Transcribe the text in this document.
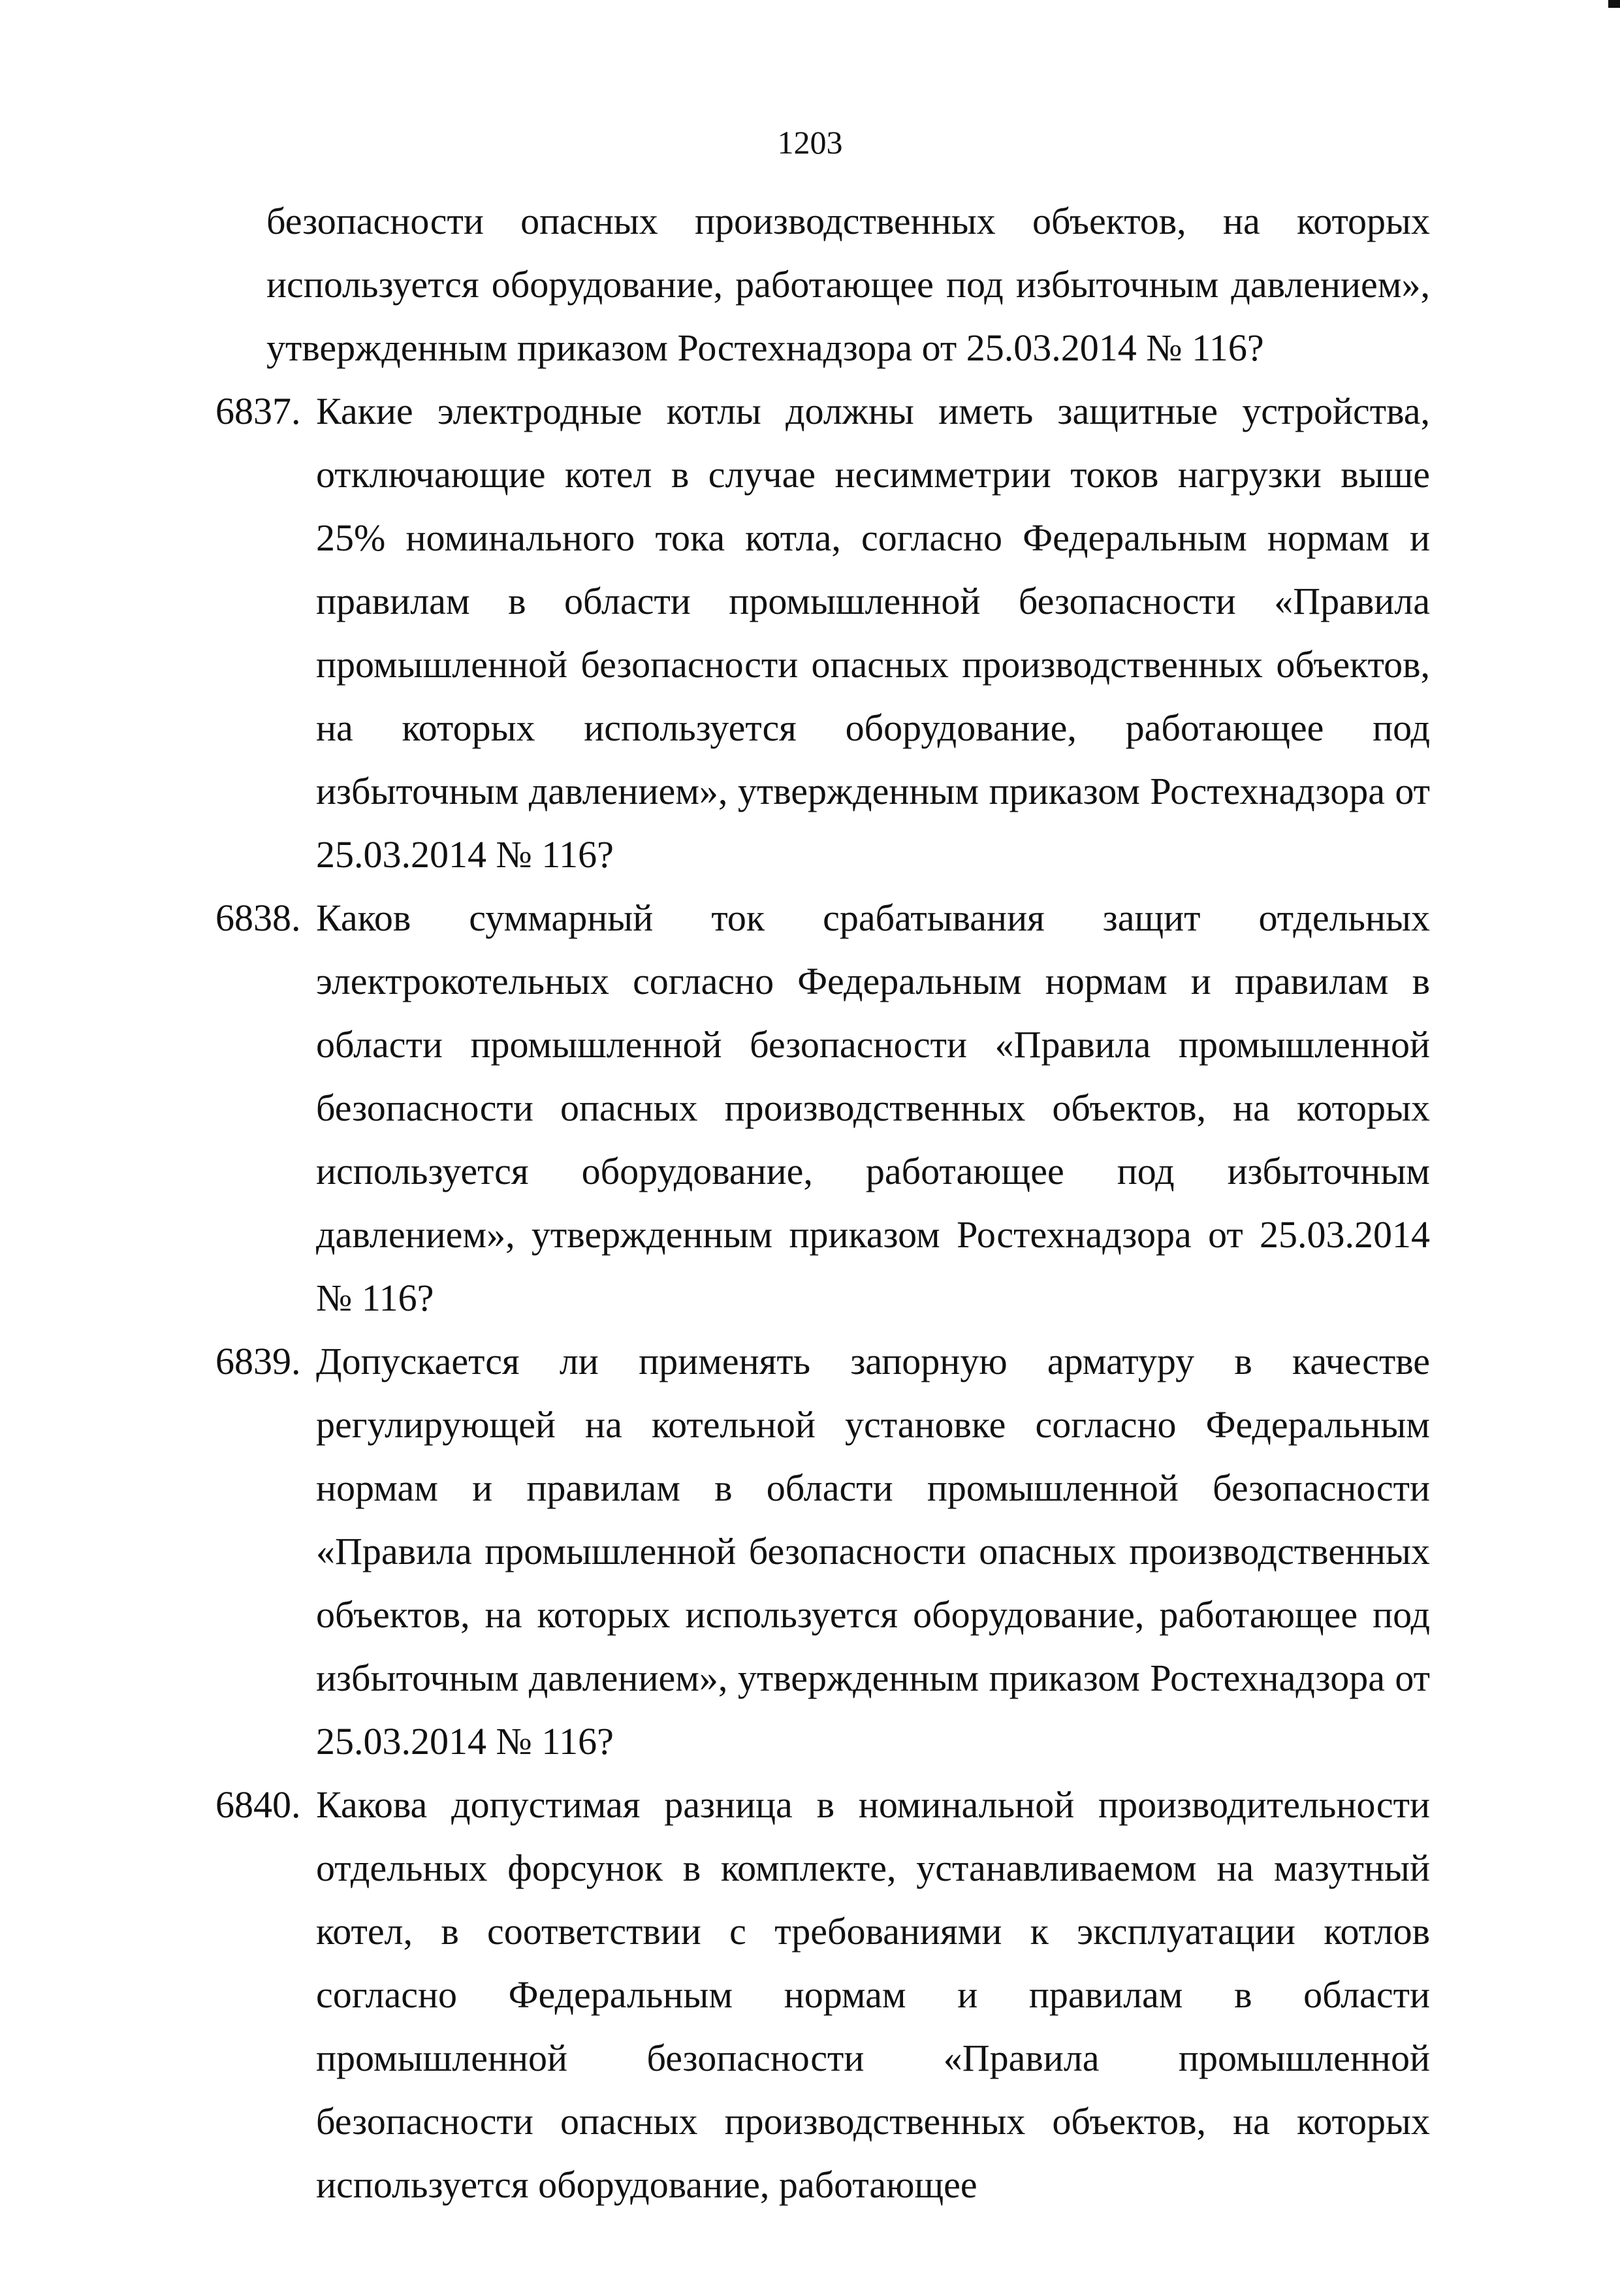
1203
безопасности опасных производственных объектов, на которых используется оборудование, работающее под избыточным давлением», утвержденным приказом Ростехнадзора от 25.03.2014 № 116?
6837. Какие электродные котлы должны иметь защитные устройства, отключающие котел в случае несимметрии токов нагрузки выше 25% номинального тока котла, согласно Федеральным нормам и правилам в области промышленной безопасности «Правила промышленной безопасности опасных производственных объектов, на которых используется оборудование, работающее под избыточным давлением», утвержденным приказом Ростехнадзора от 25.03.2014 № 116?
6838. Каков суммарный ток срабатывания защит отдельных электрокотельных согласно Федеральным нормам и правилам в области промышленной безопасности «Правила промышленной безопасности опасных производственных объектов, на которых используется оборудование, работающее под избыточным давлением», утвержденным приказом Ростехнадзора от 25.03.2014 № 116?
6839. Допускается ли применять запорную арматуру в качестве регулирующей на котельной установке согласно Федеральным нормам и правилам в области промышленной безопасности «Правила промышленной безопасности опасных производственных объектов, на которых используется оборудование, работающее под избыточным давлением», утвержденным приказом Ростехнадзора от 25.03.2014 № 116?
6840. Какова допустимая разница в номинальной производительности отдельных форсунок в комплекте, устанавливаемом на мазутный котел, в соответствии с требованиями к эксплуатации котлов согласно Федеральным нормам и правилам в области промышленной безопасности «Правила промышленной безопасности опасных производственных объектов, на которых используется оборудование, работающее
